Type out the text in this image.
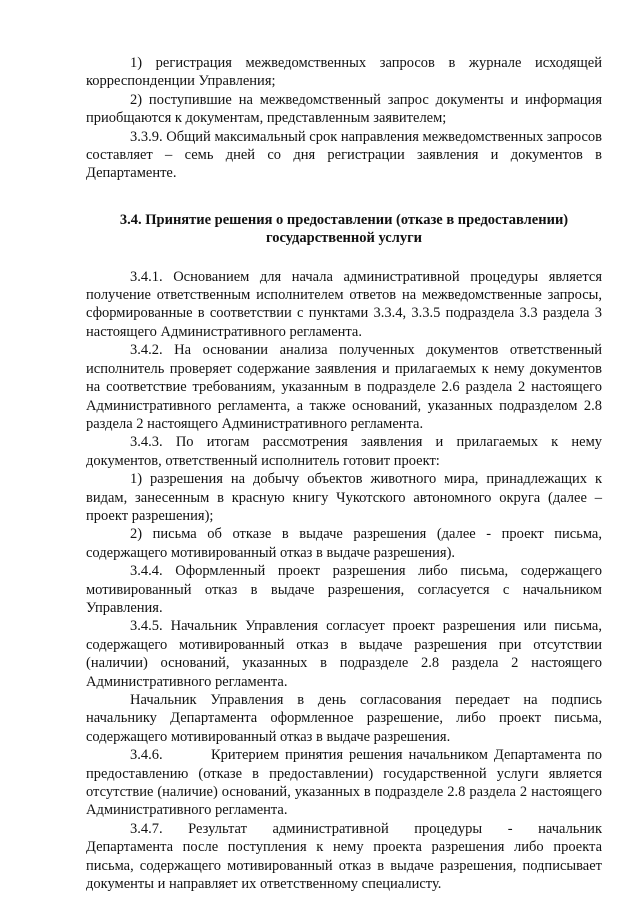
1) регистрация межведомственных запросов в журнале исходящей корреспонденции Управления;

2) поступившие на межведомственный запрос документы и информация приобщаются к документам, представленным заявителем;

3.3.9. Общий максимальный срок направления межведомственных запросов составляет – семь дней со дня регистрации заявления и документов в Департаменте.

3.4. Принятие решения о предоставлении (отказе в предоставлении) государственной услуги

3.4.1. Основанием для начала административной процедуры является получение ответственным исполнителем ответов на межведомственные запросы, сформированные в соответствии с пунктами 3.3.4, 3.3.5 подраздела 3.3 раздела 3 настоящего Административного регламента.

3.4.2. На основании анализа полученных документов ответственный исполнитель проверяет содержание заявления и прилагаемых к нему документов на соответствие требованиям, указанным в подразделе 2.6 раздела 2 настоящего Административного регламента, а также оснований, указанных подразделом 2.8 раздела 2 настоящего Административного регламента.

3.4.3. По итогам рассмотрения заявления и прилагаемых к нему документов, ответственный исполнитель готовит проект:

1) разрешения на добычу объектов животного мира, принадлежащих к видам, занесенным в красную книгу Чукотского автономного округа (далее – проект разрешения);

2) письма об отказе в выдаче разрешения (далее - проект письма, содержащего мотивированный отказ в выдаче разрешения).

3.4.4. Оформленный проект разрешения либо письма, содержащего мотивированный отказ в выдаче разрешения, согласуется с начальником Управления.

3.4.5. Начальник Управления согласует проект разрешения или письма, содержащего мотивированный отказ в выдаче разрешения при отсутствии (наличии) оснований, указанных в подразделе 2.8 раздела 2 настоящего Административного регламента.

Начальник Управления в день согласования передает на подпись начальнику Департамента оформленное разрешение, либо проект письма, содержащего мотивированный отказ в выдаче разрешения.

3.4.6.        Критерием принятия решения начальником Департамента по предоставлению (отказе в предоставлении) государственной услуги является отсутствие (наличие) оснований, указанных в подразделе 2.8 раздела 2 настоящего Административного регламента.

3.4.7.     Результат     административной     процедуры     -     начальник Департамента после поступления к нему проекта разрешения либо проекта письма, содержащего мотивированный отказ в выдаче разрешения, подписывает документы и направляет их ответственному специалисту.
